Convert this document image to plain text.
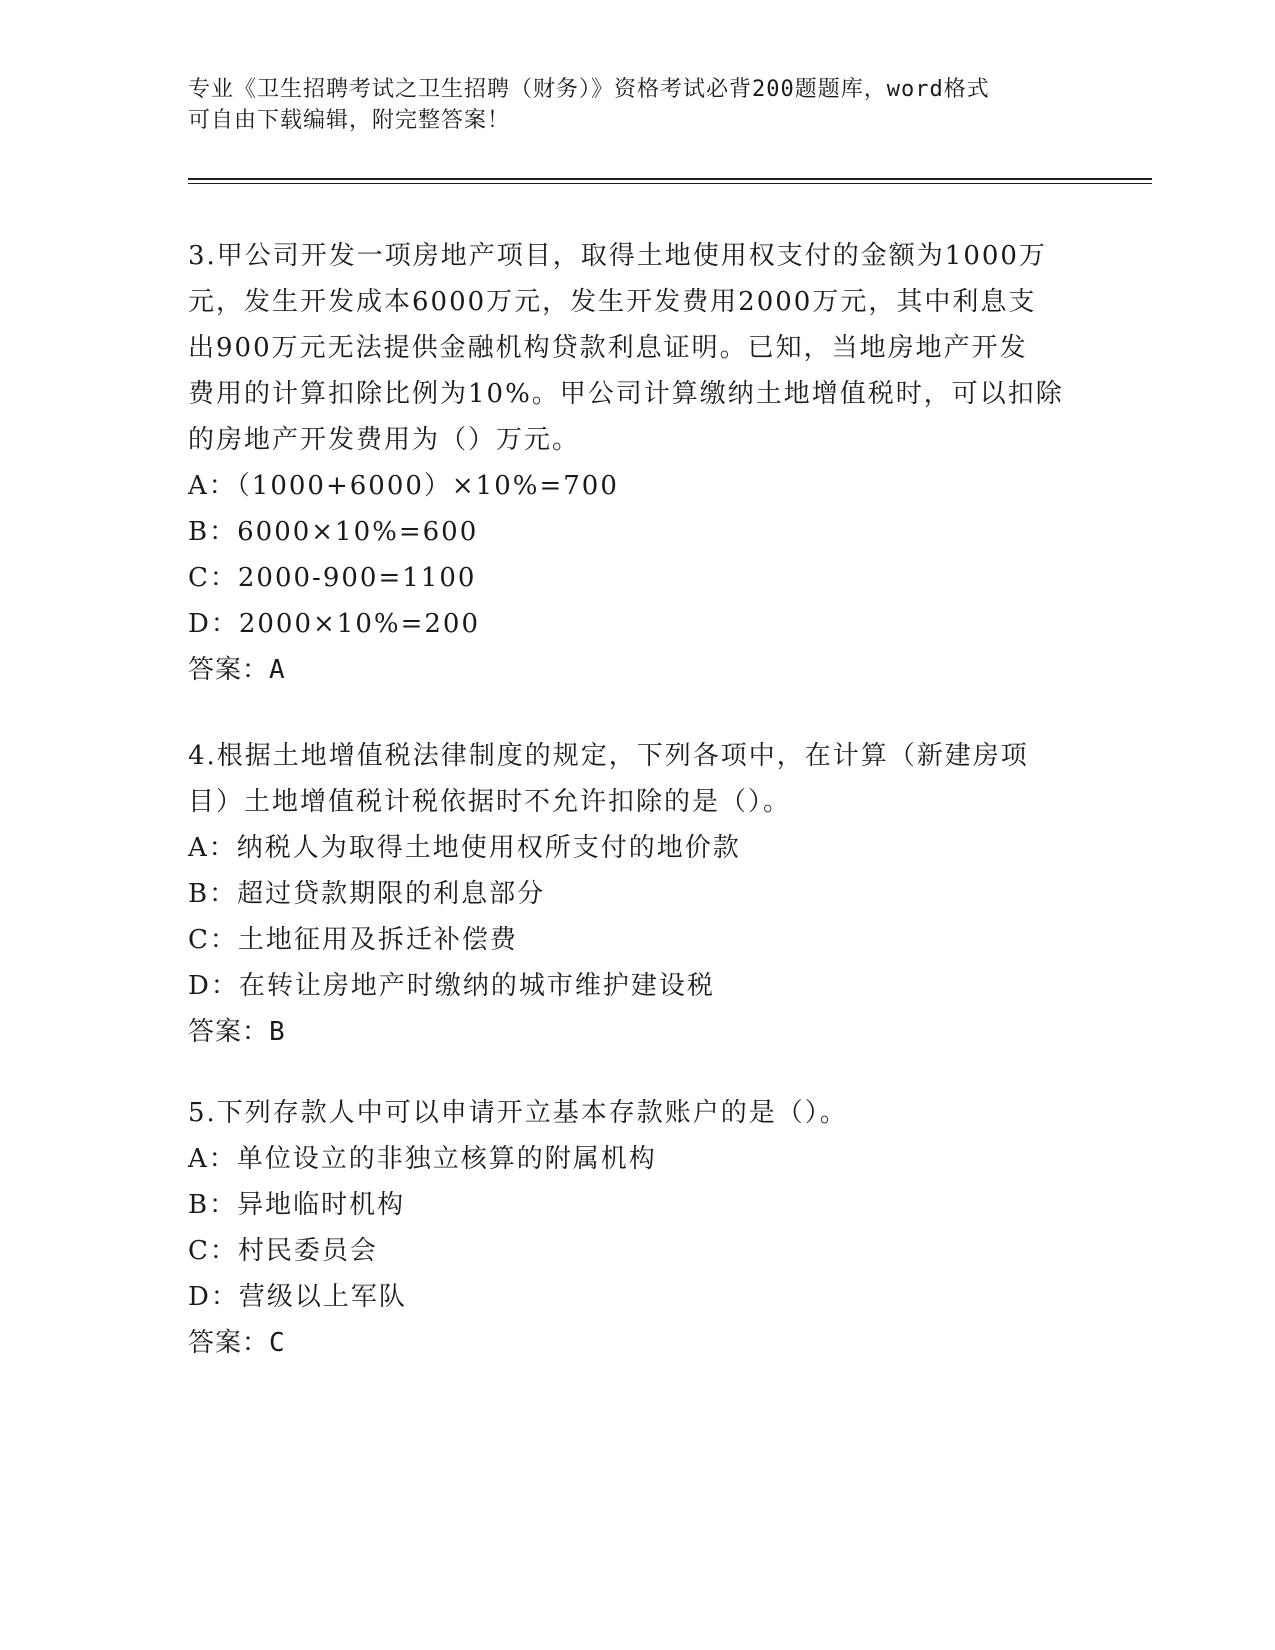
专业《卫生招聘考试之卫生招聘（财务）》资格考试必背200题题库，word格式
可自由下载编辑，附完整答案！
3.甲公司开发一项房地产项目，取得土地使用权支付的金额为1000万
元，发生开发成本6000万元，发生开发费用2000万元，其中利息支
出900万元无法提供金融机构贷款利息证明。已知，当地房地产开发
费用的计算扣除比例为10%。甲公司计算缴纳土地增值税时，可以扣除
的房地产开发费用为（）万元。
A：（1000+6000）×10%=700
B：6000×10%=600
C：2000-900=1100
D：2000×10%=200
答案：A
4.根据土地增值税法律制度的规定，下列各项中，在计算（新建房项
目）土地增值税计税依据时不允许扣除的是（）。
A：纳税人为取得土地使用权所支付的地价款
B：超过贷款期限的利息部分
C：土地征用及拆迁补偿费
D：在转让房地产时缴纳的城市维护建设税
答案：B
5.下列存款人中可以申请开立基本存款账户的是（）。
A：单位设立的非独立核算的附属机构
B：异地临时机构
C：村民委员会
D：营级以上军队
答案：C
